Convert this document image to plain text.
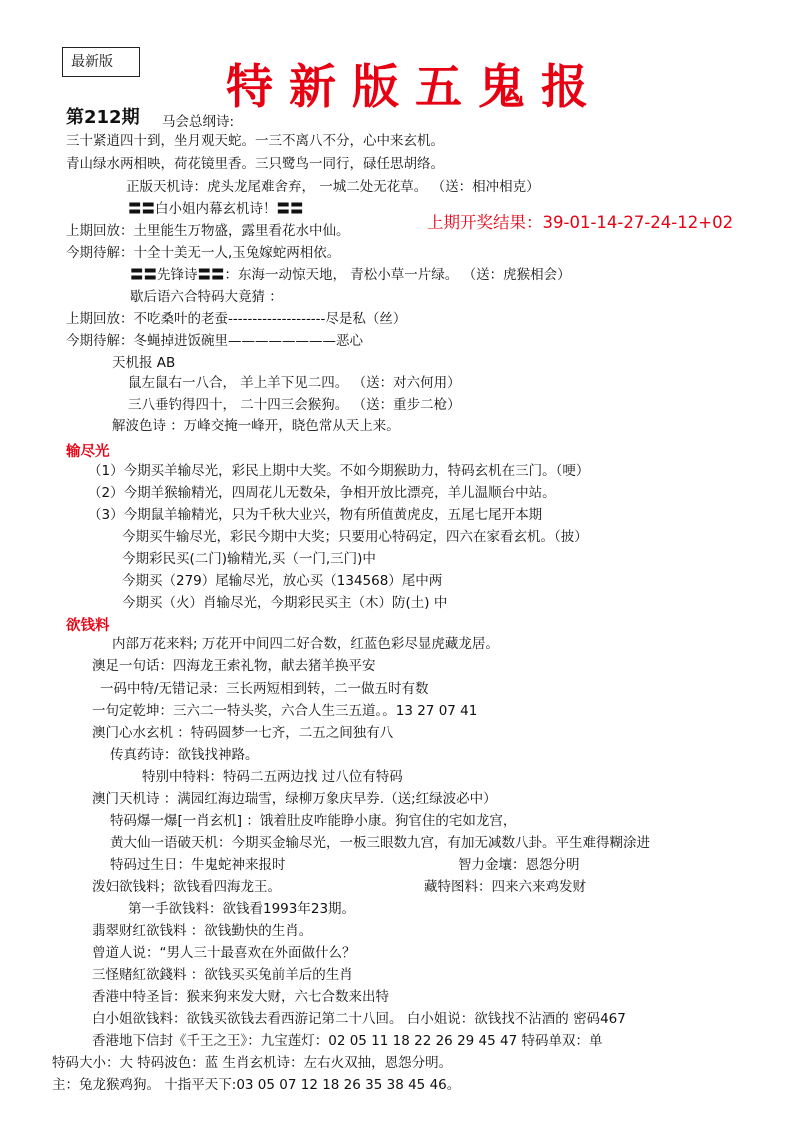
最新版	特新版五鬼报
第212期 马会总纲诗:
三十紧逍四十到，坐月观天蛇。一三不离八不分，心中来玄机。
青山绿水两相映，荷花镜里香。三只鹭鸟一同行，碌任思胡络。
正版天机诗：虎头龙尾难舍弃， 一城二处无花草。 （送：相冲相克）
〓〓白小姐内幕玄机诗！〓〓
上期开奖结果：39-01-14-27-24-12+02
上期回放：土里能生万物盛，露里看花水中仙。
今期待解：十全十美无一人,玉兔嫁蛇两相依。
〓〓先锋诗〓〓：东海一动惊天地， 青松小草一片绿。 （送：虎猴相会）
歇后语六合特码大竟猜 ：
上期回放：不吃桑叶的老蚕--------------------尽是私（丝）
今期待解：冬蝇掉进饭碗里————————恶心
天机报 AB
鼠左鼠右一八合， 羊上羊下见二四。 （送：对六何用）
三八垂钓得四十， 二十四三会猴狗。 （送：重步二枪）
解波色诗 ：万峰交掩一峰开，晓色常从天上来。
输尽光
（1）今期买羊输尽光，彩民上期中大奖。不如今期猴助力，特码玄机在三门。（哽）
（2）今期羊猴输精光，四周花儿无数朵，争相开放比漂亮，羊儿温顺台中站。
（3）今期鼠羊输精光，只为千秋大业兴，物有所值黄虎皮，五尾七尾开本期
今期买牛输尽光，彩民今期中大奖；只要用心特码定，四六在家看玄机。（披）
今期彩民买(二门)输精光,买（一门,三门)中
今期买（279）尾输尽光，放心买（134568）尾中两
今期买（火）肖输尽光，今期彩民买主（木）防(土) 中
欲钱料
内部万花来料; 万花开中间四二好合数，红蓝色彩尽显虎藏龙居。
澳足一句话：四海龙王索礼物，献去猪羊换平安
一码中特/无错记录：三长两短相到转，二一做五时有数
一句定乾坤：三六二一特头奖，六合人生三五道。。13 27 07 41
澳门心水玄机 ：特码圆梦一七齐，二五之间独有八
传真药诗：欲钱找神路。
特别中特料：特码二五两边找 过八位有特码
澳门天机诗 ：满园红海边瑞雪，绿柳万象庆早券.（送;红绿波必中）
特码爆一爆[一肖玄机] ：饿着肚皮咋能睁小康。狗官住的宅如龙宫，
黄大仙一语破天机：今期买金输尽光，一板三眼数九宫，有加无减数八卦。平生难得糊涂进
特码过生日：牛鬼蛇神来报时	智力金壤：恩怨分明
泼妇欲钱料；欲钱看四海龙王。	藏特图料：四来六来鸡发财
第一手欲钱料：欲钱看1993年23期。
翡翠财红欲钱料 ：欲钱勤快的生肖。
曾道人说：“男人三十最喜欢在外面做什么？
三怪赌紅欲錢料 ：欲钱买买兔前羊后的生肖
香港中特圣旨：猴来狗来发大财，六七合数来出特
白小姐欲钱料：欲钱买欲钱去看西游记第二十八回。 白小姐说：欲钱找不沾酒的 密码467
香港地下信封《千王之王》：九宝莲灯：02 05 11 18 22 26 29 45 47 特码单双：单
特码大小：大 特码波色：蓝 生肖玄机诗：左右火双抽，恩怨分明。
主：兔龙猴鸡狗。 十指平天下:03 05 07 12 18 26 35 38 45 46。
